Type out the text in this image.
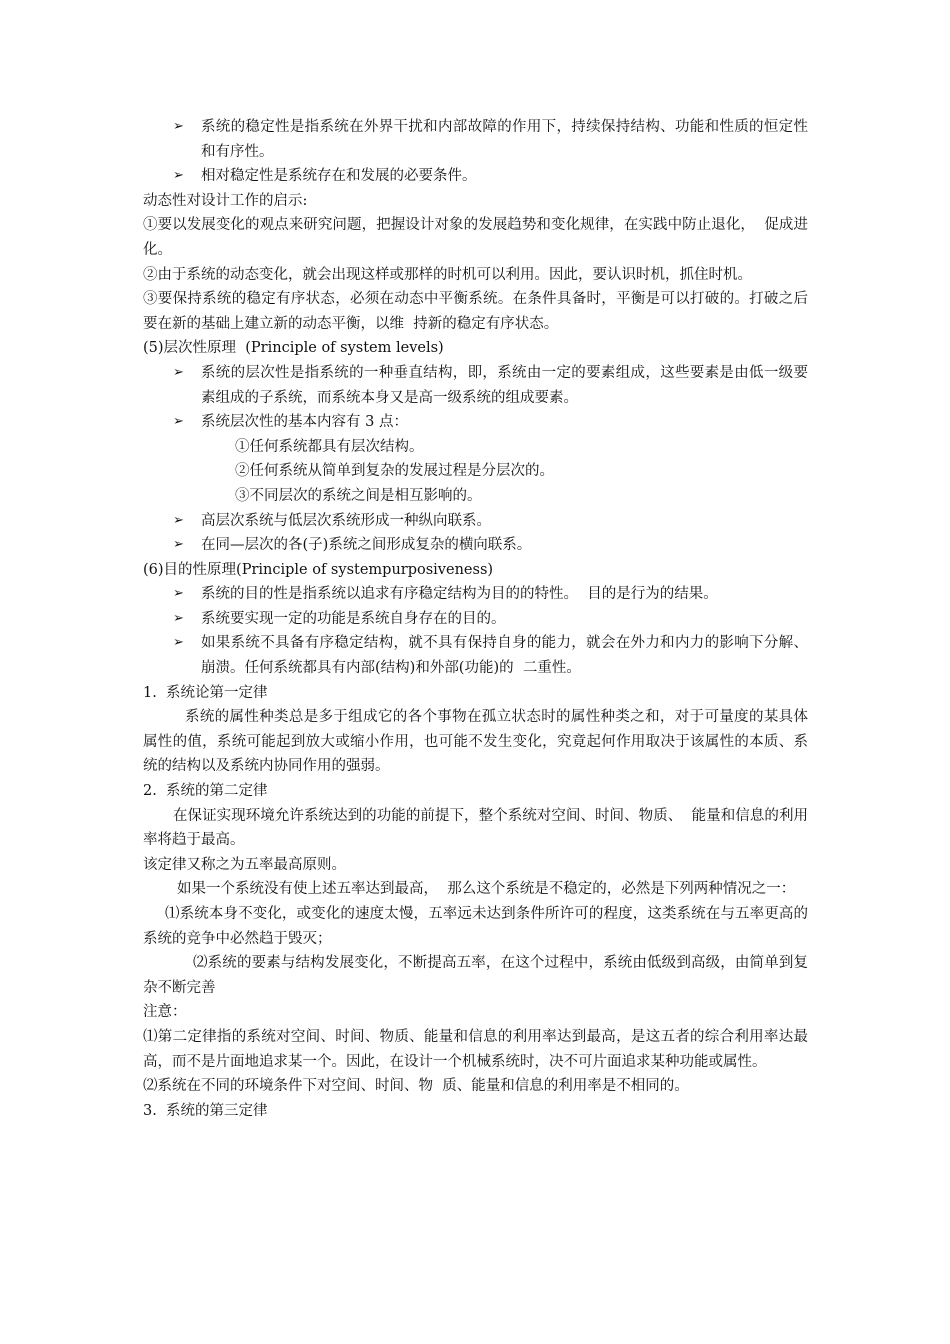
➢	系统的稳定性是指系统在外界干扰和内部故障的作用下，持续保持结构、功能和性质的恒定性和有序性。
➢	相对稳定性是系统存在和发展的必要条件。

动态性对设计工作的启示:

①要以发展变化的观点来研究问题，把握设计对象的发展趋势和变化规律，在实践中防止退化，  促成进化。

②由于系统的动态变化，就会出现这样或那样的时机可以利用。因此，要认识时机，抓住时机。

③要保持系统的稳定有序状态，必须在动态中平衡系统。在条件具备时，平衡是可以打破的。打破之后要在新的基础上建立新的动态平衡，以维  持新的稳定有序状态。

(5)层次性原理  (Principle of system levels)

➢	系统的层次性是指系统的一种垂直结构，即，系统由一定的要素组成，这些要素是由低一级要素组成的子系统，而系统本身又是高一级系统的组成要素。
➢	系统层次性的基本内容有 3 点：

①任何系统都具有层次结构。

②任何系统从简单到复杂的发展过程是分层次的。

③不同层次的系统之间是相互影响的。

➢	高层次系统与低层次系统形成一种纵向联系。
➢	在同—层次的各(子)系统之间形成复杂的横向联系。

(6)目的性原理(Principle of systempurposiveness)

➢	系统的目的性是指系统以追求有序稳定结构为目的的特性。  目的是行为的结果。
➢	系统要实现一定的功能是系统自身存在的目的。
➢	如果系统不具备有序稳定结构，就不具有保持自身的能力，就会在外力和内力的影响下分解、崩溃。任何系统都具有内部(结构)和外部(功能)的  二重性。

1.  系统论第一定律

系统的属性种类总是多于组成它的各个事物在孤立状态时的属性种类之和，对于可量度的某具体属性的值，系统可能起到放大或缩小作用，也可能不发生变化，究竟起何作用取决于该属性的本质、系统的结构以及系统内协同作用的强弱。

2.  系统的第二定律

在保证实现环境允许系统达到的功能的前提下，整个系统对空间、时间、物质、  能量和信息的利用率将趋于最高。

该定律又称之为五率最高原则。

如果一个系统没有使上述五率达到最高，  那么这个系统是不稳定的，必然是下列两种情况之一：

⑴系统本身不变化，或变化的速度太慢，五率远未达到条件所许可的程度，这类系统在与五率更高的系统的竞争中必然趋于毁灭；

⑵系统的要素与结构发展变化，不断提高五率，在这个过程中，系统由低级到高级，由简单到复杂不断完善

注意：

⑴第二定律指的系统对空间、时间、物质、能量和信息的利用率达到最高，是这五者的综合利用率达最高，而不是片面地追求某一个。因此，在设计一个机械系统时，决不可片面追求某种功能或属性。

⑵系统在不同的环境条件下对空间、时间、物  质、能量和信息的利用率是不相同的。

3.  系统的第三定律
